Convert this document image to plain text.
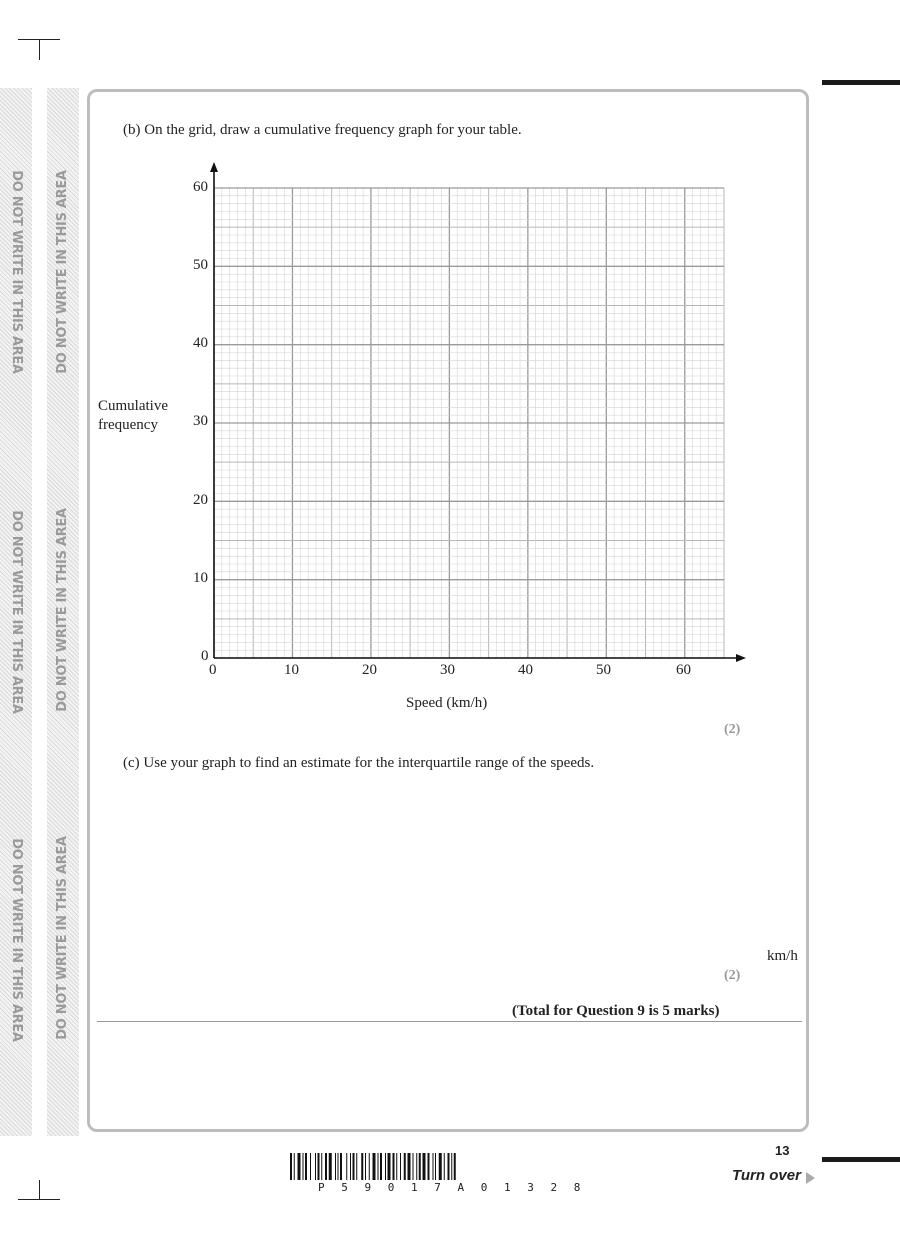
DO NOT WRITE IN THIS AREA
DO NOT WRITE IN THIS AREA
DO NOT WRITE IN THIS AREA
DO NOT WRITE IN THIS AREA
DO NOT WRITE IN THIS AREA
DO NOT WRITE IN THIS AREA
(b) On the grid, draw a cumulative frequency graph for your table.
Cumulative
frequency
60
50
40
30
20
10
0
0	10	20	30	40	50	60
Speed (km/h)
(2)
(c) Use your graph to find an estimate for the interquartile range of the speeds.
km/h
(2)
(Total for Question 9 is 5 marks)
13
P 5 9 0 1 7 A 0 1 3 2 8
Turn over
